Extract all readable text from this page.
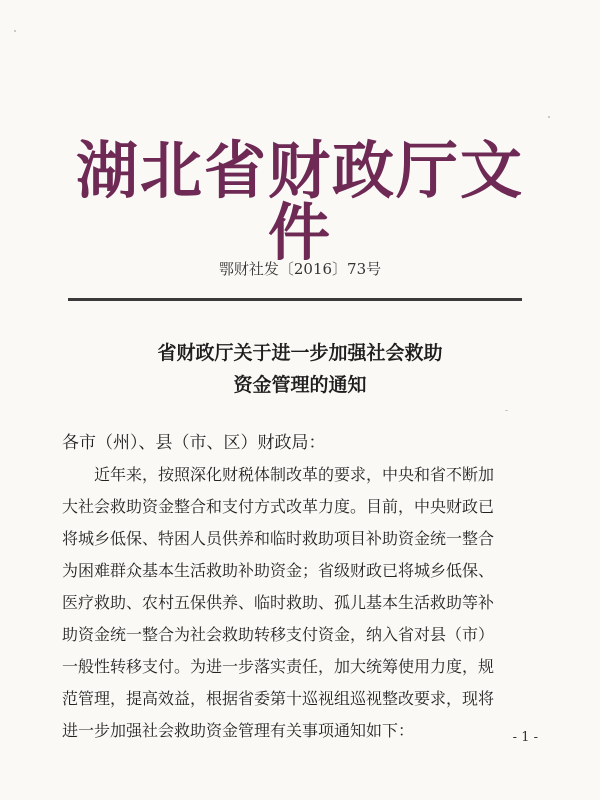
湖北省财政厅文件
鄂财社发〔2016〕73号
省财政厅关于进一步加强社会救助
资金管理的通知
各市（州）、县（市、区）财政局：
近年来，按照深化财税体制改革的要求，中央和省不断加
大社会救助资金整合和支付方式改革力度。目前，中央财政已
将城乡低保、特困人员供养和临时救助项目补助资金统一整合
为困难群众基本生活救助补助资金；省级财政已将城乡低保、
医疗救助、农村五保供养、临时救助、孤儿基本生活救助等补
助资金统一整合为社会救助转移支付资金，纳入省对县（市）
一般性转移支付。为进一步落实责任，加大统筹使用力度，规
范管理，提高效益，根据省委第十巡视组巡视整改要求，现将
进一步加强社会救助资金管理有关事项通知如下：	- 1 -
